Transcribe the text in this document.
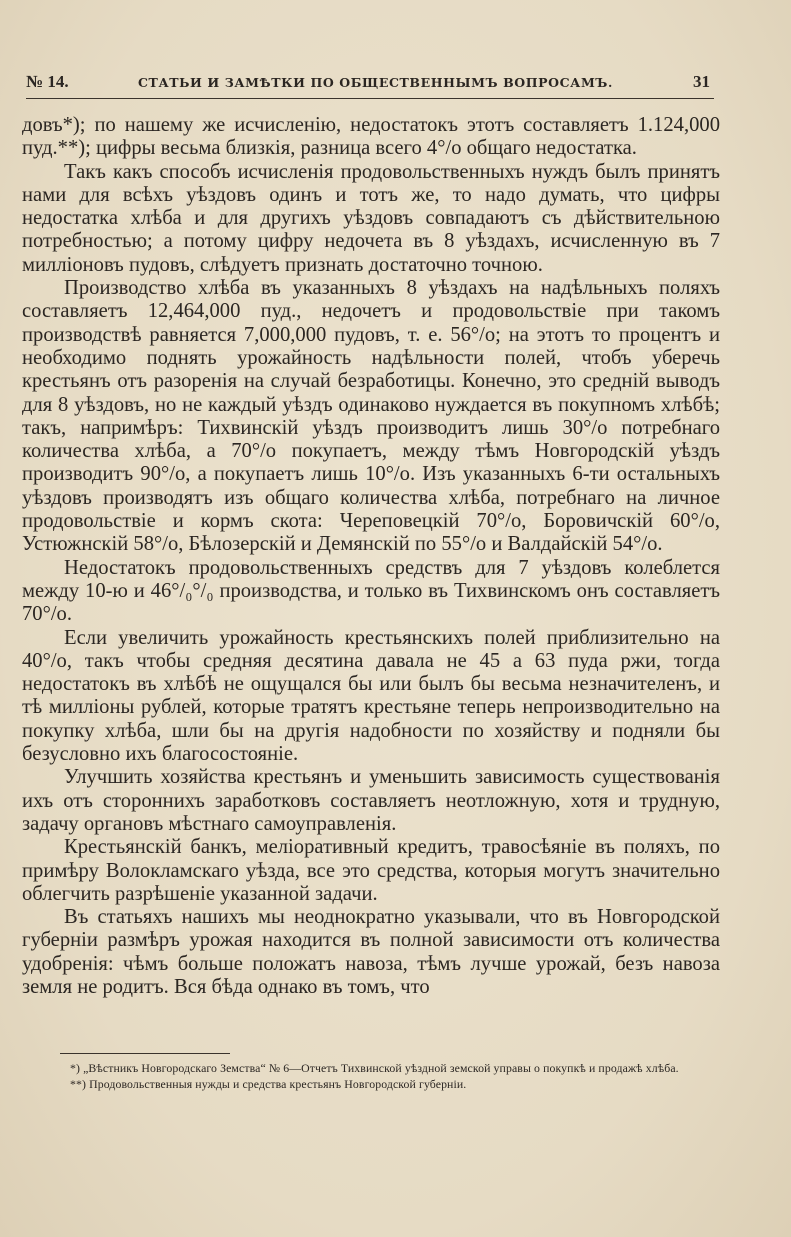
№ 14.	СТАТЬИ И ЗАМѢТКИ ПО ОБЩЕСТВЕННЫМЪ ВОПРОСАМЪ.	31

довъ*); по нашему же исчисленiю, недостатокъ этотъ составляетъ 1.124,000 пуд.**); цифры весьма близкiя, разница всего 4°/о общаго недостатка.

Такъ какъ способъ исчисленiя продовольственныхъ нуждъ былъ принятъ нами для всѣхъ уѣздовъ одинъ и тотъ же, то надо думать, что цифры недостатка хлѣба и для другихъ уѣздовъ совпадаютъ съ дѣйствительною потребностью; а потому цифру недочета въ 8 уѣздахъ, исчисленную въ 7 миллiоновъ пудовъ, слѣдуетъ признать достаточно точною.

Производство хлѣба въ указанныхъ 8 уѣздахъ на надѣльныхъ поляхъ составляетъ 12,464,000 пуд., недочетъ и продовольствiе при такомъ производствѣ равняется 7,000,000 пудовъ, т. е. 56°/о; на этотъ то процентъ и необходимо поднять урожайность надѣльности полей, чтобъ уберечь крестьянъ отъ разоренiя на случай безработицы. Конечно, это среднiй выводъ для 8 уѣздовъ, но не каждый уѣздъ одинаково нуждается въ покупномъ хлѣбѣ; такъ, напримѣръ: Тихвинскiй уѣздъ производитъ лишь 30°/о потребнаго количества хлѣба, а 70°/о покупаетъ, между тѣмъ Новгородскiй уѣздъ производитъ 90°/о, а покупаетъ лишь 10°/о. Изъ указанныхъ 6-ти остальныхъ уѣздовъ производятъ изъ общаго количества хлѣба, потребнаго на личное продовольствiе и кормъ скота: Череповецкiй 70°/о, Боровичскiй 60°/о, Устюжнскiй 58°/о, Бѣлозерскiй и Демянскiй по 55°/о и Валдайскiй 54°/о.

Недостатокъ продовольственныхъ средствъ для 7 уѣздовъ колеблется между 10-ю и 46°/₀°/₀ производства, и только въ Тихвинскомъ онъ составляетъ 70°/о.

Если увеличить урожайность крестьянскихъ полей приблизительно на 40°/о, такъ чтобы средняя десятина давала не 45 а 63 пуда ржи, тогда недостатокъ въ хлѣбѣ не ощущался бы или былъ бы весьма незначителенъ, и тѣ миллiоны рублей, которые тратятъ крестьяне теперь непроизводительно на покупку хлѣба, шли бы на другiя надобности по хозяйству и подняли бы безусловно ихъ благосостоянiе.

Улучшить хозяйства крестьянъ и уменьшить зависимость существованiя ихъ отъ стороннихъ заработковъ составляетъ неотложную, хотя и трудную, задачу органовъ мѣстнаго самоуправленiя.

Крестьянскiй банкъ, мелiоративный кредитъ, травосѣянiе въ поляхъ, по примѣру Волокламскаго уѣзда, все это средства, которыя могутъ значительно облегчить разрѣшенiе указанной задачи.

Въ статьяхъ нашихъ мы неоднократно указывали, что въ Новгородской губернiи размѣръ урожая находится въ полной зависимости отъ количества удобренiя: чѣмъ больше положатъ навоза, тѣмъ лучше урожай, безъ навоза земля не родитъ. Вся бѣда однако въ томъ, что

*) „Вѣстникъ Новгородскаго Земства“ № 6—Отчетъ Тихвинской уѣздной земской управы о покупкѣ и продажѣ хлѣба.

**) Продовольственныя нужды и средства крестьянъ Новгородской губернiи.
